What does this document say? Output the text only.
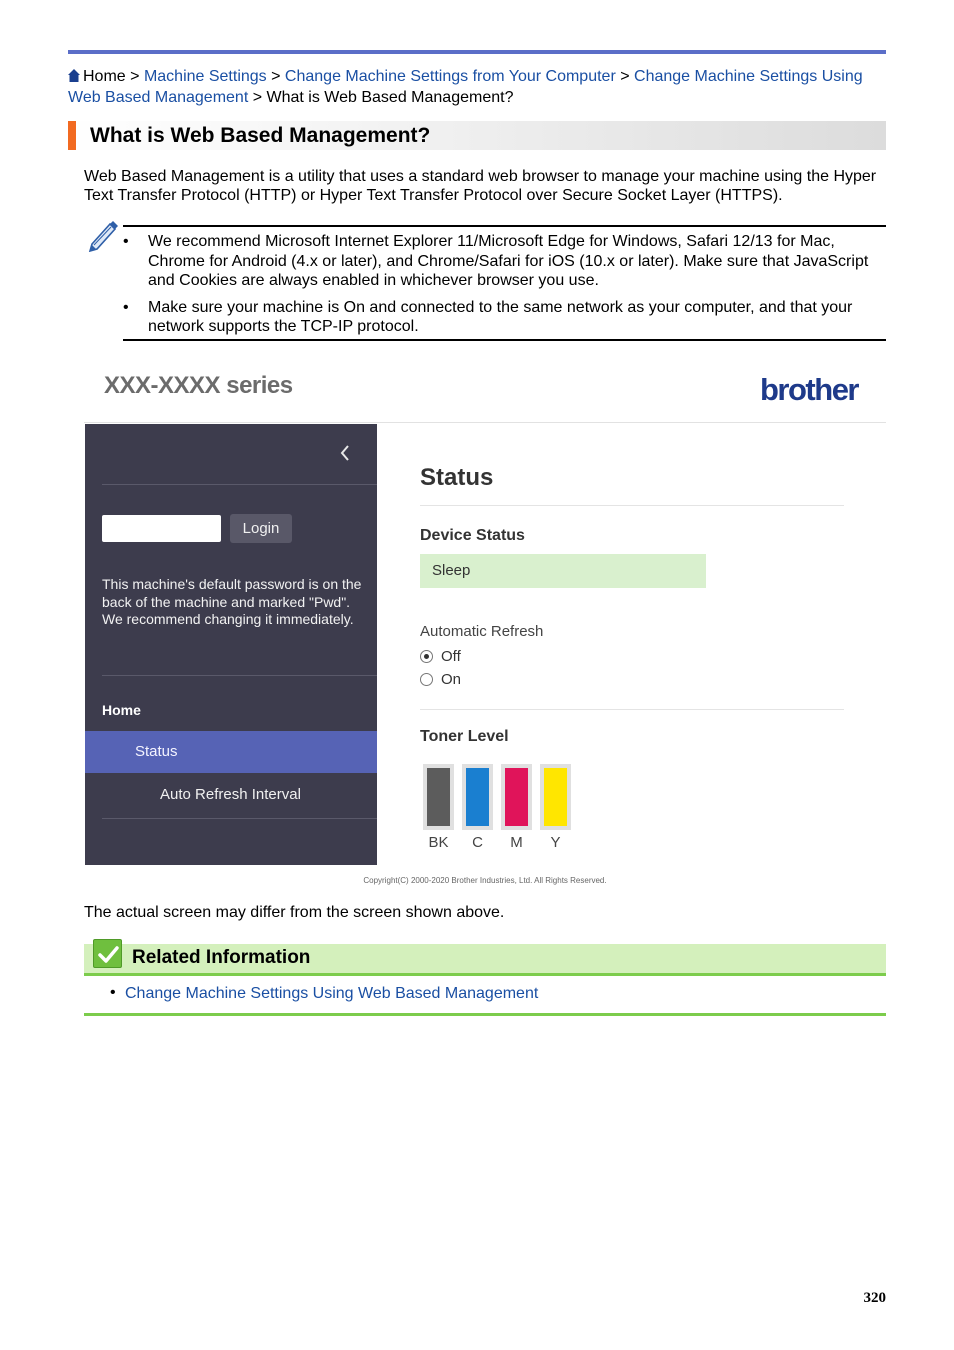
Home > Machine Settings > Change Machine Settings from Your Computer > Change Machine Settings Using Web Based Management > What is Web Based Management?
What is Web Based Management?

Web Based Management is a utility that uses a standard web browser to manage your machine using the Hyper Text Transfer Protocol (HTTP) or Hyper Text Transfer Protocol over Secure Socket Layer (HTTPS).

• We recommend Microsoft Internet Explorer 11/Microsoft Edge for Windows, Safari 12/13 for Mac, Chrome for Android (4.x or later), and Chrome/Safari for iOS (10.x or later). Make sure that JavaScript and Cookies are always enabled in whichever browser you use.
• Make sure your machine is On and connected to the same network as your computer, and that your network supports the TCP-IP protocol.
XXX-XXXX series	brother
Login
This machine's default password is on the back of the machine and marked "Pwd".
We recommend changing it immediately.
Home
Status
Auto Refresh Interval
Status
Device Status
Sleep
Automatic Refresh
Off
On
Toner Level
BK	C	M	Y
Copyright(C) 2000-2020 Brother Industries, Ltd. All Rights Reserved.

The actual screen may differ from the screen shown above.

Related Information
• Change Machine Settings Using Web Based Management
320
